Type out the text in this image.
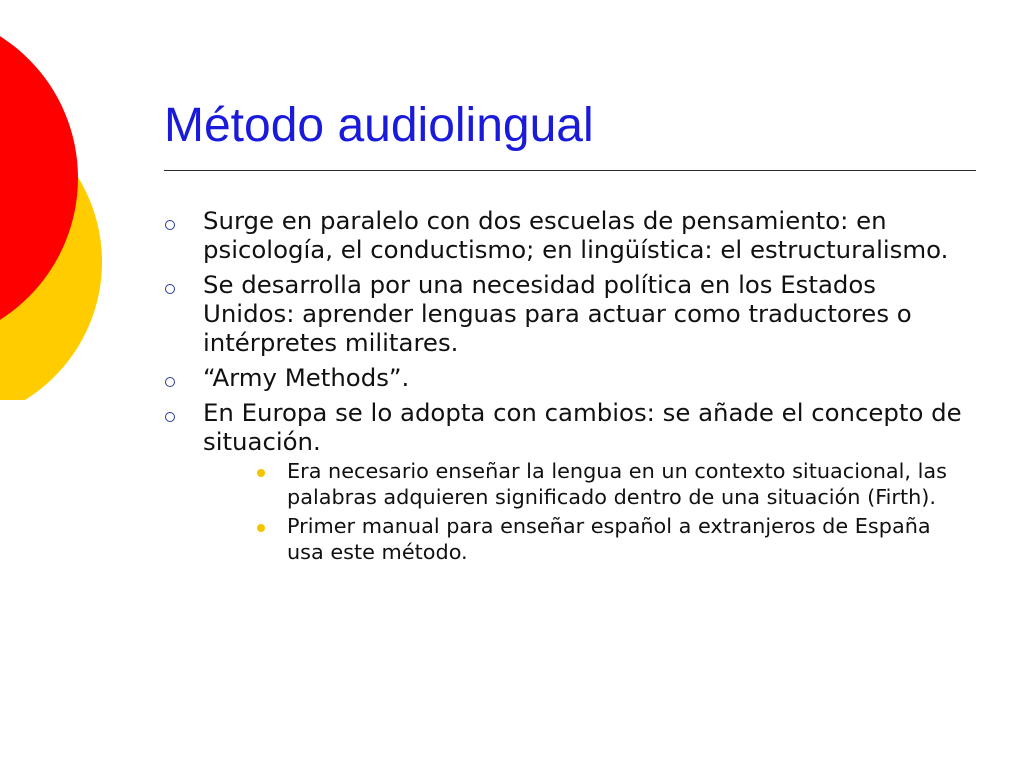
Método audiolingual
Surge en paralelo con dos escuelas de pensamiento: en psicología, el conductismo; en lingüística: el estructuralismo.
Se desarrolla por una necesidad política en los Estados Unidos: aprender lenguas para actuar como traductores o intérpretes militares.
“Army Methods”.
En Europa se lo adopta con cambios: se añade el concepto de situación.
Era necesario enseñar la lengua en un contexto situacional, las palabras adquieren significado dentro de una situación (Firth).
Primer manual para enseñar español a extranjeros de España usa este método.
